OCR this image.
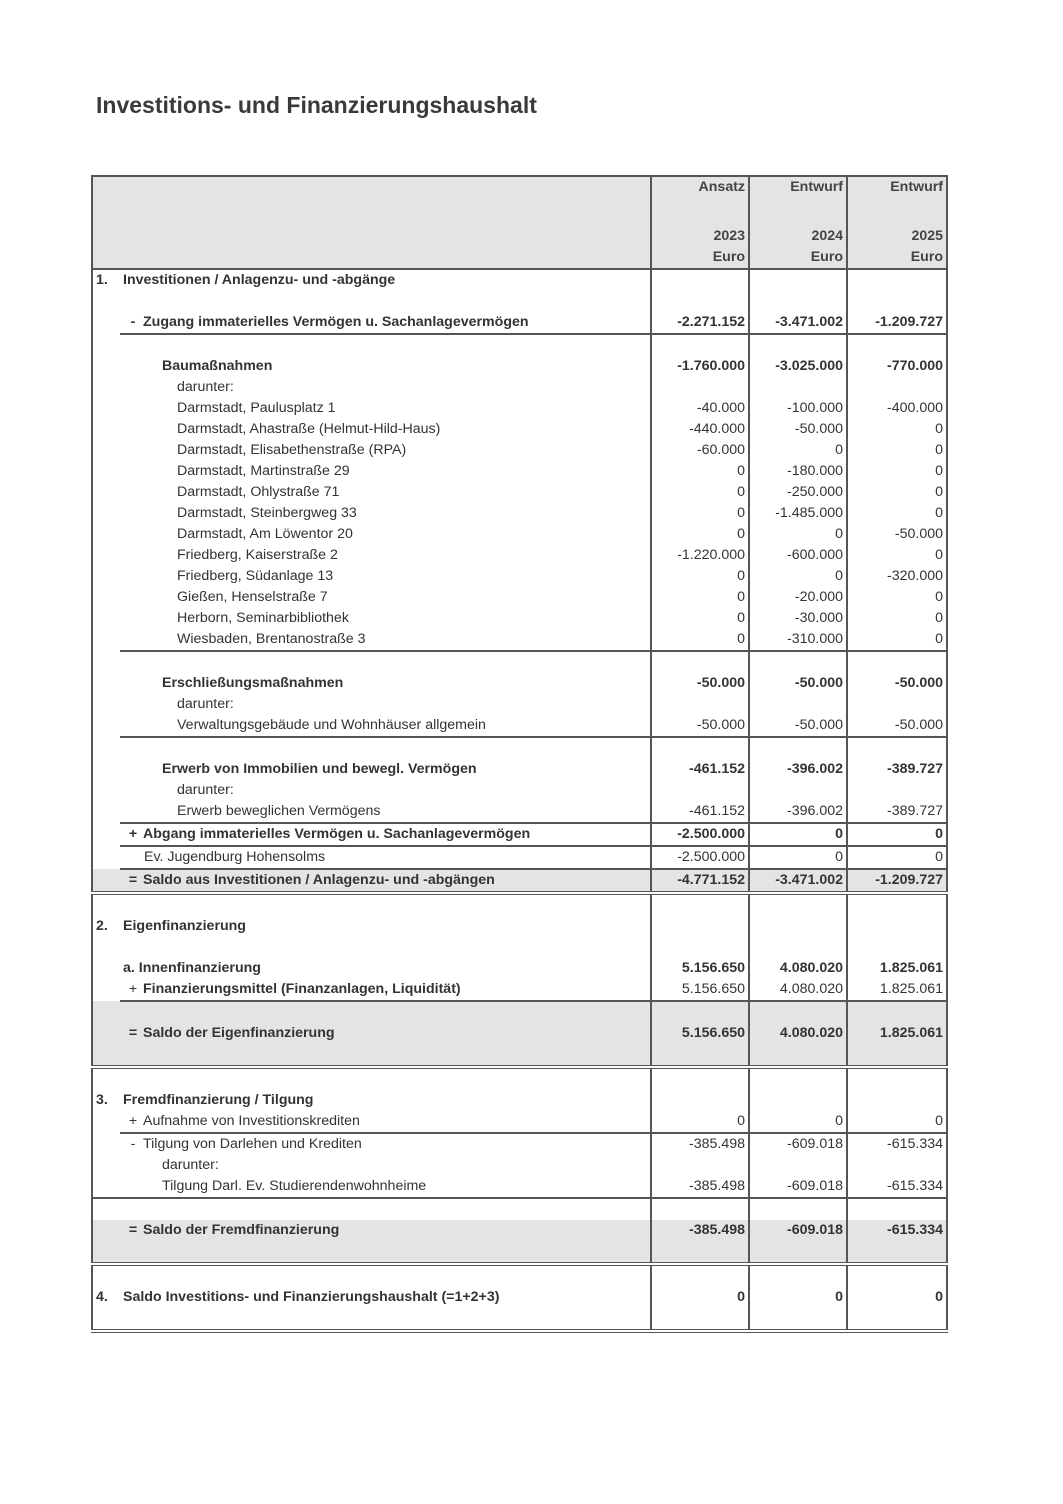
Investitions- und Finanzierungshaushalt
			Ansatz	Entwurf	Entwurf

			2023	2024	2025
			Euro	Euro	Euro
1.	Investitionen / Anlagenzu- und -abgänge				

	- Zugang immaterielles Vermögen u. Sachanlagevermögen		-2.271.152	-3.471.002	-1.209.727

		Baumaßnahmen	-1.760.000	-3.025.000	-770.000
		darunter:			
		Darmstadt, Paulusplatz 1	-40.000	-100.000	-400.000
		Darmstadt, Ahastraße (Helmut-Hild-Haus)	-440.000	-50.000	0
		Darmstadt, Elisabethenstraße (RPA)	-60.000	0	0
		Darmstadt, Martinstraße 29	0	-180.000	0
		Darmstadt, Ohlystraße 71	0	-250.000	0
		Darmstadt, Steinbergweg 33	0	-1.485.000	0
		Darmstadt, Am Löwentor 20	0	0	-50.000
		Friedberg, Kaiserstraße 2	-1.220.000	-600.000	0
		Friedberg, Südanlage 13	0	0	-320.000
		Gießen, Henselstraße 7	0	-20.000	0
		Herborn, Seminarbibliothek	0	-30.000	0
		Wiesbaden, Brentanostraße 3	0	-310.000	0

		Erschließungsmaßnahmen	-50.000	-50.000	-50.000
		darunter:			
		Verwaltungsgebäude und Wohnhäuser allgemein	-50.000	-50.000	-50.000

		Erwerb von Immobilien und bewegl. Vermögen	-461.152	-396.002	-389.727
		darunter:			
		Erwerb beweglichen Vermögens	-461.152	-396.002	-389.727
	+ Abgang immaterielles Vermögen u. Sachanlagevermögen		-2.500.000	0	0
	Ev. Jugendburg Hohensolms		-2.500.000	0	0
	= Saldo aus Investitionen / Anlagenzu- und -abgängen		-4.771.152	-3.471.002	-1.209.727

2.	Eigenfinanzierung				

	a. Innenfinanzierung		5.156.650	4.080.020	1.825.061
	+ Finanzierungsmittel (Finanzanlagen, Liquidität)		5.156.650	4.080.020	1.825.061

	= Saldo der Eigenfinanzierung		5.156.650	4.080.020	1.825.061

3.	Fremdfinanzierung / Tilgung				
	+ Aufnahme von Investitionskrediten		0	0	0
	- Tilgung von Darlehen und Krediten		-385.498	-609.018	-615.334
		darunter:			
		Tilgung Darl. Ev. Studierendenwohnheime	-385.498	-609.018	-615.334

	= Saldo der Fremdfinanzierung		-385.498	-609.018	-615.334

4.	Saldo Investitions- und Finanzierungshaushalt (=1+2+3)		0	0	0
